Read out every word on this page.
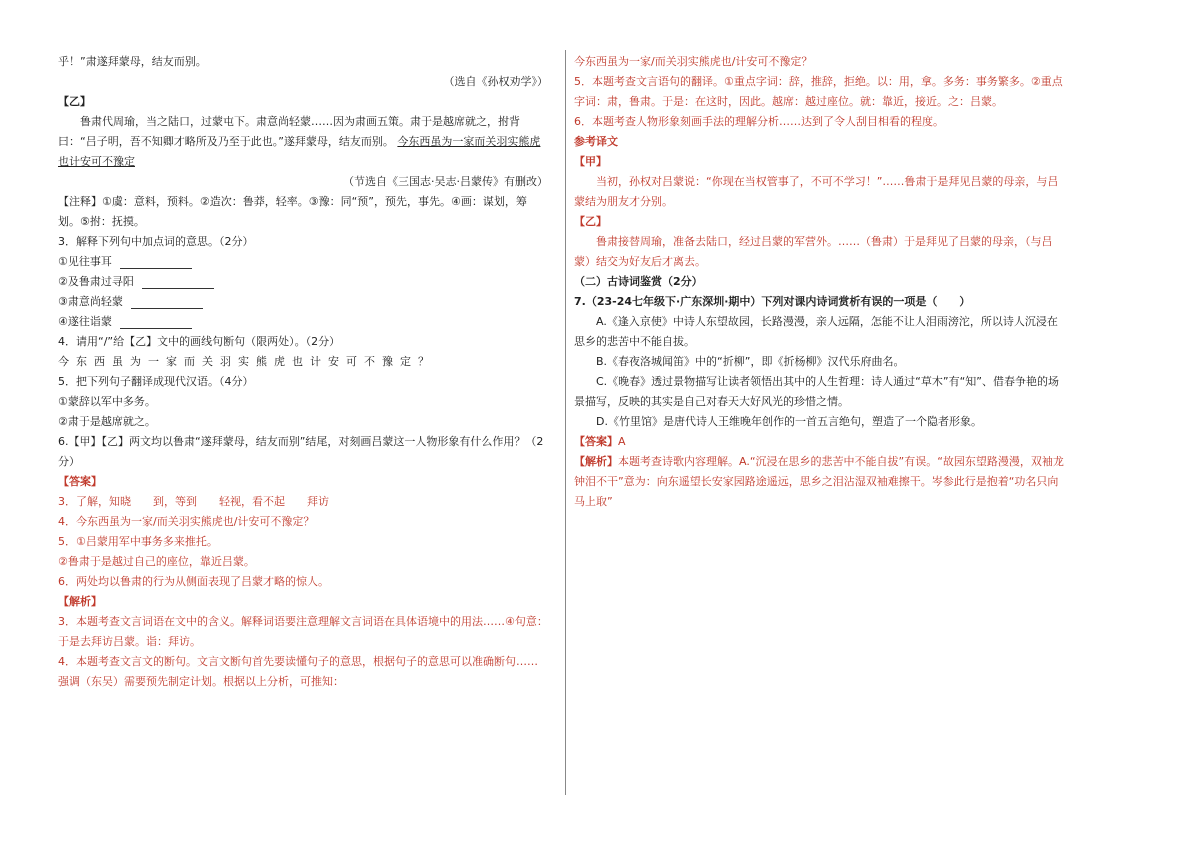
乎！”肃遂拜蒙母，结友而别。

（选自《孙权劝学》）

【乙】

鲁肃代周瑜，当之陆口，过蒙屯下。肃意尚轻蒙……因为肃画五策。肃于是越席就之，拊背曰：“吕子明，吾不知卿才略所及乃至于此也。”遂拜蒙母，结友而别。 今东西虽为一家而关羽实熊虎也计安可不豫定

（节选自《三国志·吴志·吕蒙传》有删改）

【注释】①虞：意料，预料。②造次：鲁莽，轻率。③豫：同“预”，预先，事先。④画：谋划，筹划。⑤拊：抚摸。

3．解释下列句中加点词的意思。（2分）

①见往事耳

②及鲁肃过寻阳

③肃意尚轻蒙

④遂往诣蒙

4．请用“/”给【乙】文中的画线句断句（限两处）。（2分）

今东西虽为一家而关羽实熊虎也计安可不豫定？

5．把下列句子翻译成现代汉语。（4分）

①蒙辞以军中多务。

②肃于是越席就之。

6.【甲】【乙】两文均以鲁肃“遂拜蒙母，结友而别”结尾，对刻画吕蒙这一人物形象有什么作用？（2分）

【答案】

3．了解，知晓　　到，等到　　轻视，看不起　　拜访

4．今东西虽为一家/而关羽实熊虎也/计安可不豫定？

5．①吕蒙用军中事务多来推托。

②鲁肃于是越过自己的座位，靠近吕蒙。

6．两处均以鲁肃的行为从侧面表现了吕蒙才略的惊人。

【解析】

3．本题考查文言词语在文中的含义。解释词语要注意理解文言词语在具体语境中的用法……④句意：于是去拜访吕蒙。诣：拜访。

4．本题考查文言文的断句。文言文断句首先要读懂句子的意思，根据句子的意思可以准确断句……强调（东吴）需要预先制定计划。根据以上分析，可推知：

今东西虽为一家/而关羽实熊虎也/计安可不豫定？

5．本题考查文言语句的翻译。①重点字词：辞，推辞，拒绝。以：用，拿。多务：事务繁多。②重点字词：肃，鲁肃。于是：在这时，因此。越席：越过座位。就：靠近，接近。之：吕蒙。

6．本题考查人物形象刻画手法的理解分析……达到了令人刮目相看的程度。

参考译文

【甲】

当初，孙权对吕蒙说：“你现在当权管事了，不可不学习！”……鲁肃于是拜见吕蒙的母亲，与吕蒙结为朋友才分别。

【乙】

鲁肃接替周瑜，准备去陆口，经过吕蒙的军营外。……（鲁肃）于是拜见了吕蒙的母亲，（与吕蒙）结交为好友后才离去。

（二）古诗词鉴赏（2分）

7.（23-24七年级下·广东深圳·期中）下列对课内诗词赏析有误的一项是（　　）

A.《逢入京使》中诗人东望故园，长路漫漫，亲人远隔，怎能不让人泪雨滂沱，所以诗人沉浸在思乡的悲苦中不能自拔。

B.《春夜洛城闻笛》中的“折柳”，即《折杨柳》汉代乐府曲名。

C.《晚春》透过景物描写让读者领悟出其中的人生哲理：诗人通过“草木”有“知”、借春争艳的场景描写，反映的其实是自己对春天大好风光的珍惜之情。

D.《竹里馆》是唐代诗人王维晚年创作的一首五言绝句，塑造了一个隐者形象。

【答案】A

【解析】本题考查诗歌内容理解。A.“沉浸在思乡的悲苦中不能自拔”有误。“故园东望路漫漫，双袖龙钟泪不干”意为：向东遥望长安家园路途遥远，思乡之泪沾湿双袖难擦干。岑参此行是抱着“功名只向马上取”
